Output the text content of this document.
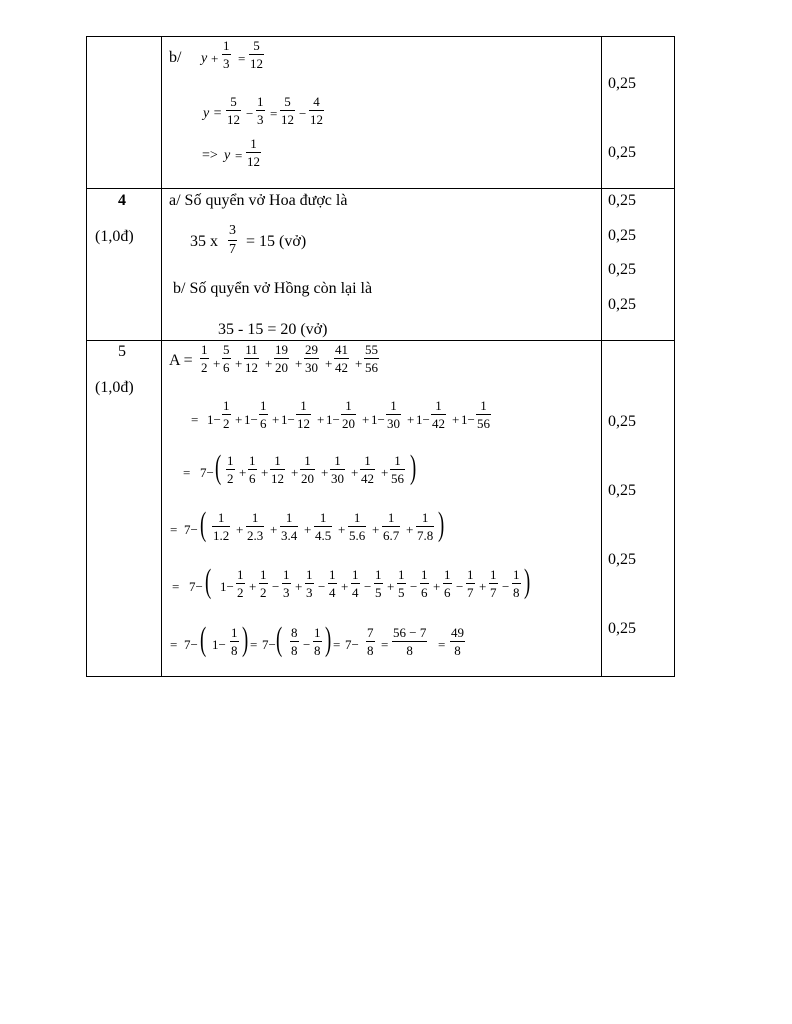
b/ $y + \frac{1}{3} = \frac{5}{12}$
$y = \frac{5}{12} - \frac{1}{3} = \frac{5}{12} - \frac{4}{12}$
=> $y = \frac{1}{12}$
0,25
0,25
4
(1,0đ)
a/ Số quyển vở Hoa được là
35 x $\frac{3}{7} = 15$ (vở)
b/ Số quyển vở Hồng còn lại là
35 - 15 = 20 (vở)
0,25
0,25
0,25
0,25
5
(1,0đ)
$A = \frac{1}{2} + \frac{5}{6} + \frac{11}{12} + \frac{19}{20} + \frac{29}{30} + \frac{41}{42} + \frac{55}{56}$
= $1- \frac{1}{2} + 1- \frac{1}{6} + 1- \frac{1}{12} + 1- \frac{1}{20} + 1- \frac{1}{30} + 1- \frac{1}{42} + 1- \frac{1}{56}$
= 7− ( $\frac{1}{2} + \frac{1}{6} + \frac{1}{12} + \frac{1}{20} + \frac{1}{30} + \frac{1}{42} + \frac{1}{56}$ )
= 7− ( $\frac{1}{1.2} + \frac{1}{2.3} + \frac{1}{3.4} + \frac{1}{4.5} + \frac{1}{5.6} + \frac{1}{6.7} + \frac{1}{7.8}$ )
= 7− ( $1- \frac{1}{2} + \frac{1}{2} - \frac{1}{3} + \frac{1}{3} - \frac{1}{4} + \frac{1}{4} - \frac{1}{5} + \frac{1}{5} - \frac{1}{6} + \frac{1}{6} - \frac{1}{7} + \frac{1}{7} - \frac{1}{8}$ )
= 7− ( $1- \frac{1}{8}$ ) = 7− ( $\frac{8}{8} - \frac{1}{8}$ ) = $7- \frac{7}{8} = \frac{56 - 7}{8} = \frac{49}{8}$
0,25
0,25
0,25
0,25
